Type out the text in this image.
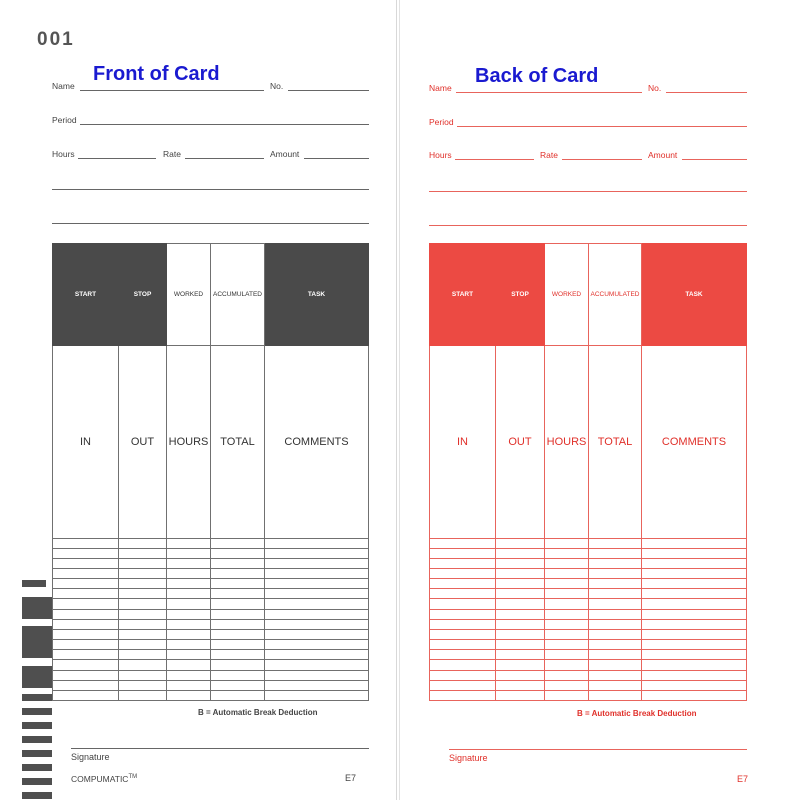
001
Front of Card
Name	No.
Period
Hours	Rate	Amount
START	STOP	WORKED	ACCUMULATED	TASK
IN	OUT	HOURS	TOTAL	COMMENTS

B = Automatic Break Deduction
Signature
COMPUMATIC™	E7
Back of Card
Name	No.
Period
Hours	Rate	Amount
START	STOP	WORKED	ACCUMULATED	TASK
IN	OUT	HOURS	TOTAL	COMMENTS

B = Automatic Break Deduction
Signature
E7
